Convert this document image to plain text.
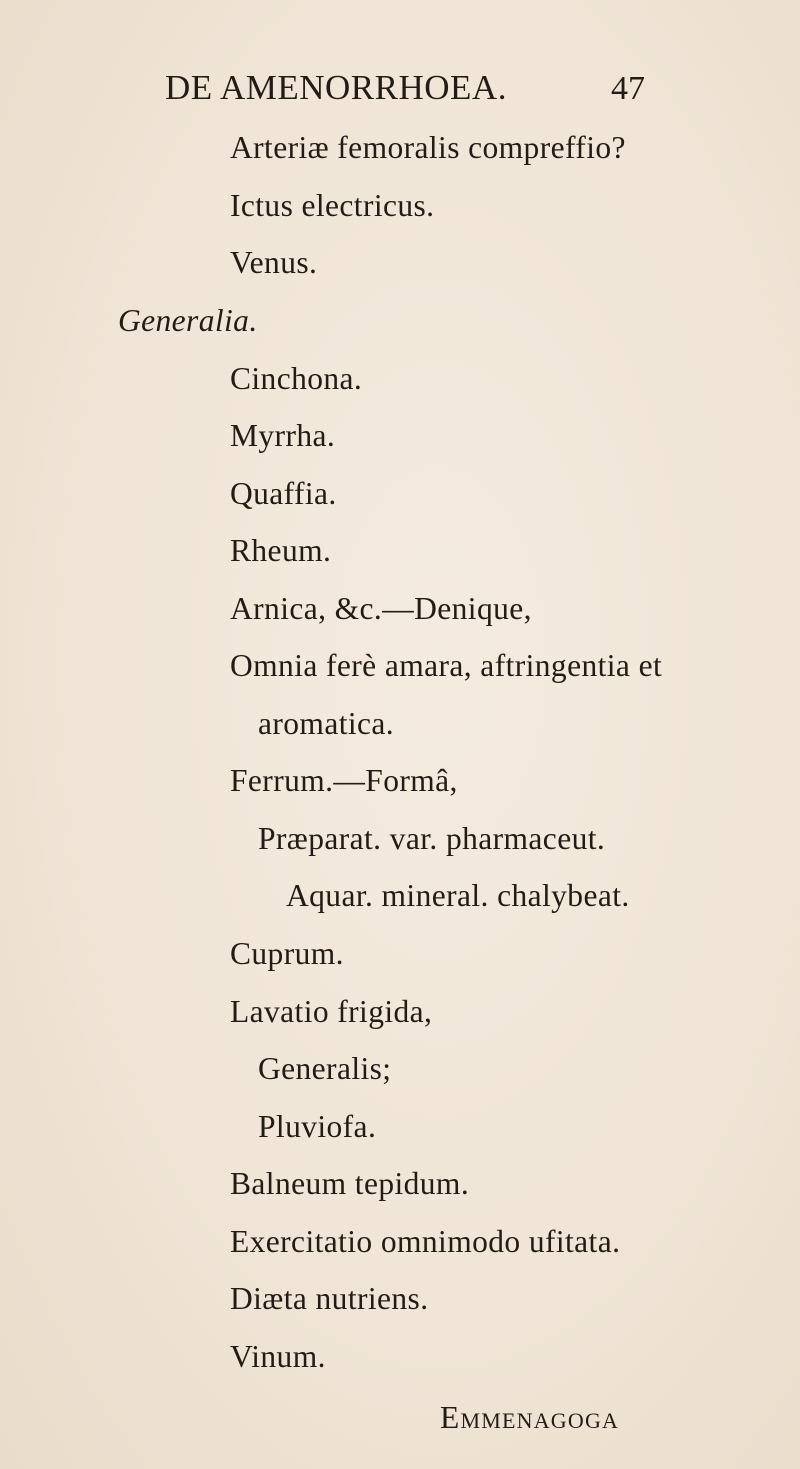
DE AMENORRHOEA.	47
Arteriæ femoralis compreffio?
Ictus electricus.
Venus.
Generalia.
Cinchona.
Myrrha.
Quaffia.
Rheum.
Arnica, &c.—Denique,
Omnia ferè amara, aftringentia et
aromatica.
Ferrum.—Formâ,
Præparat. var. pharmaceut.
Aquar. mineral. chalybeat.
Cuprum.
Lavatio frigida,
Generalis;
Pluviofa.
Balneum tepidum.
Exercitatio omnimodo ufitata.
Diæta nutriens.
Vinum.
Emmenagoga
